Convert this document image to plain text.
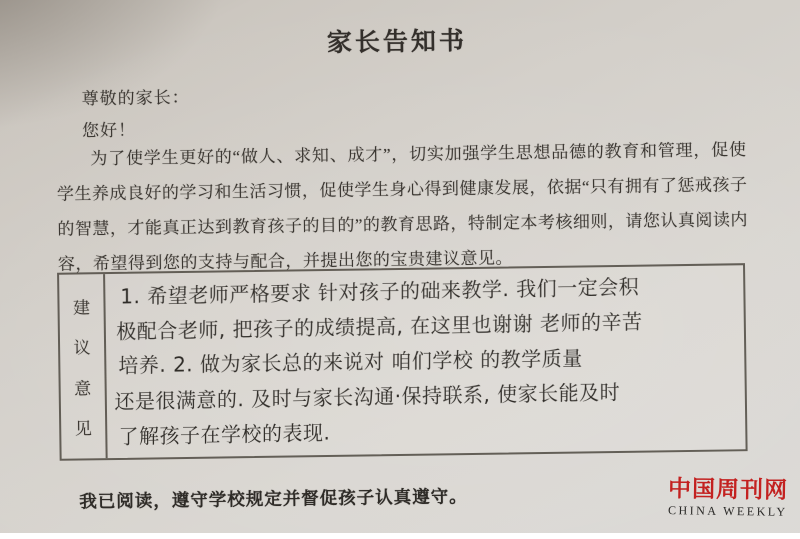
家长告知书
尊敬的家长：
您好！
为了使学生更好的“做人、求知、成才”，切实加强学生思想品德的教育和管理，促使
学生养成良好的学习和生活习惯，促使学生身心得到健康发展，依据“只有拥有了惩戒孩子
的智慧，才能真正达到教育孩子的目的”的教育思路，特制定本考核细则，请您认真阅读内
容，希望得到您的支持与配合，并提出您的宝贵建议意见。
建
议
意
见
1. 希望老师严格要求 针对孩子的础来教学. 我们一定会积
极配合老师, 把孩子的成绩提高, 在这里也谢谢 老师的辛苦
培养. 2. 做为家长总的来说对 咱们学校 的教学质量
还是很满意的. 及时与家长沟通·保持联系, 使家长能及时
了解孩子在学校的表现.
我已阅读，遵守学校规定并督促孩子认真遵守。	中国周刊网
CHINA WEEKLY
